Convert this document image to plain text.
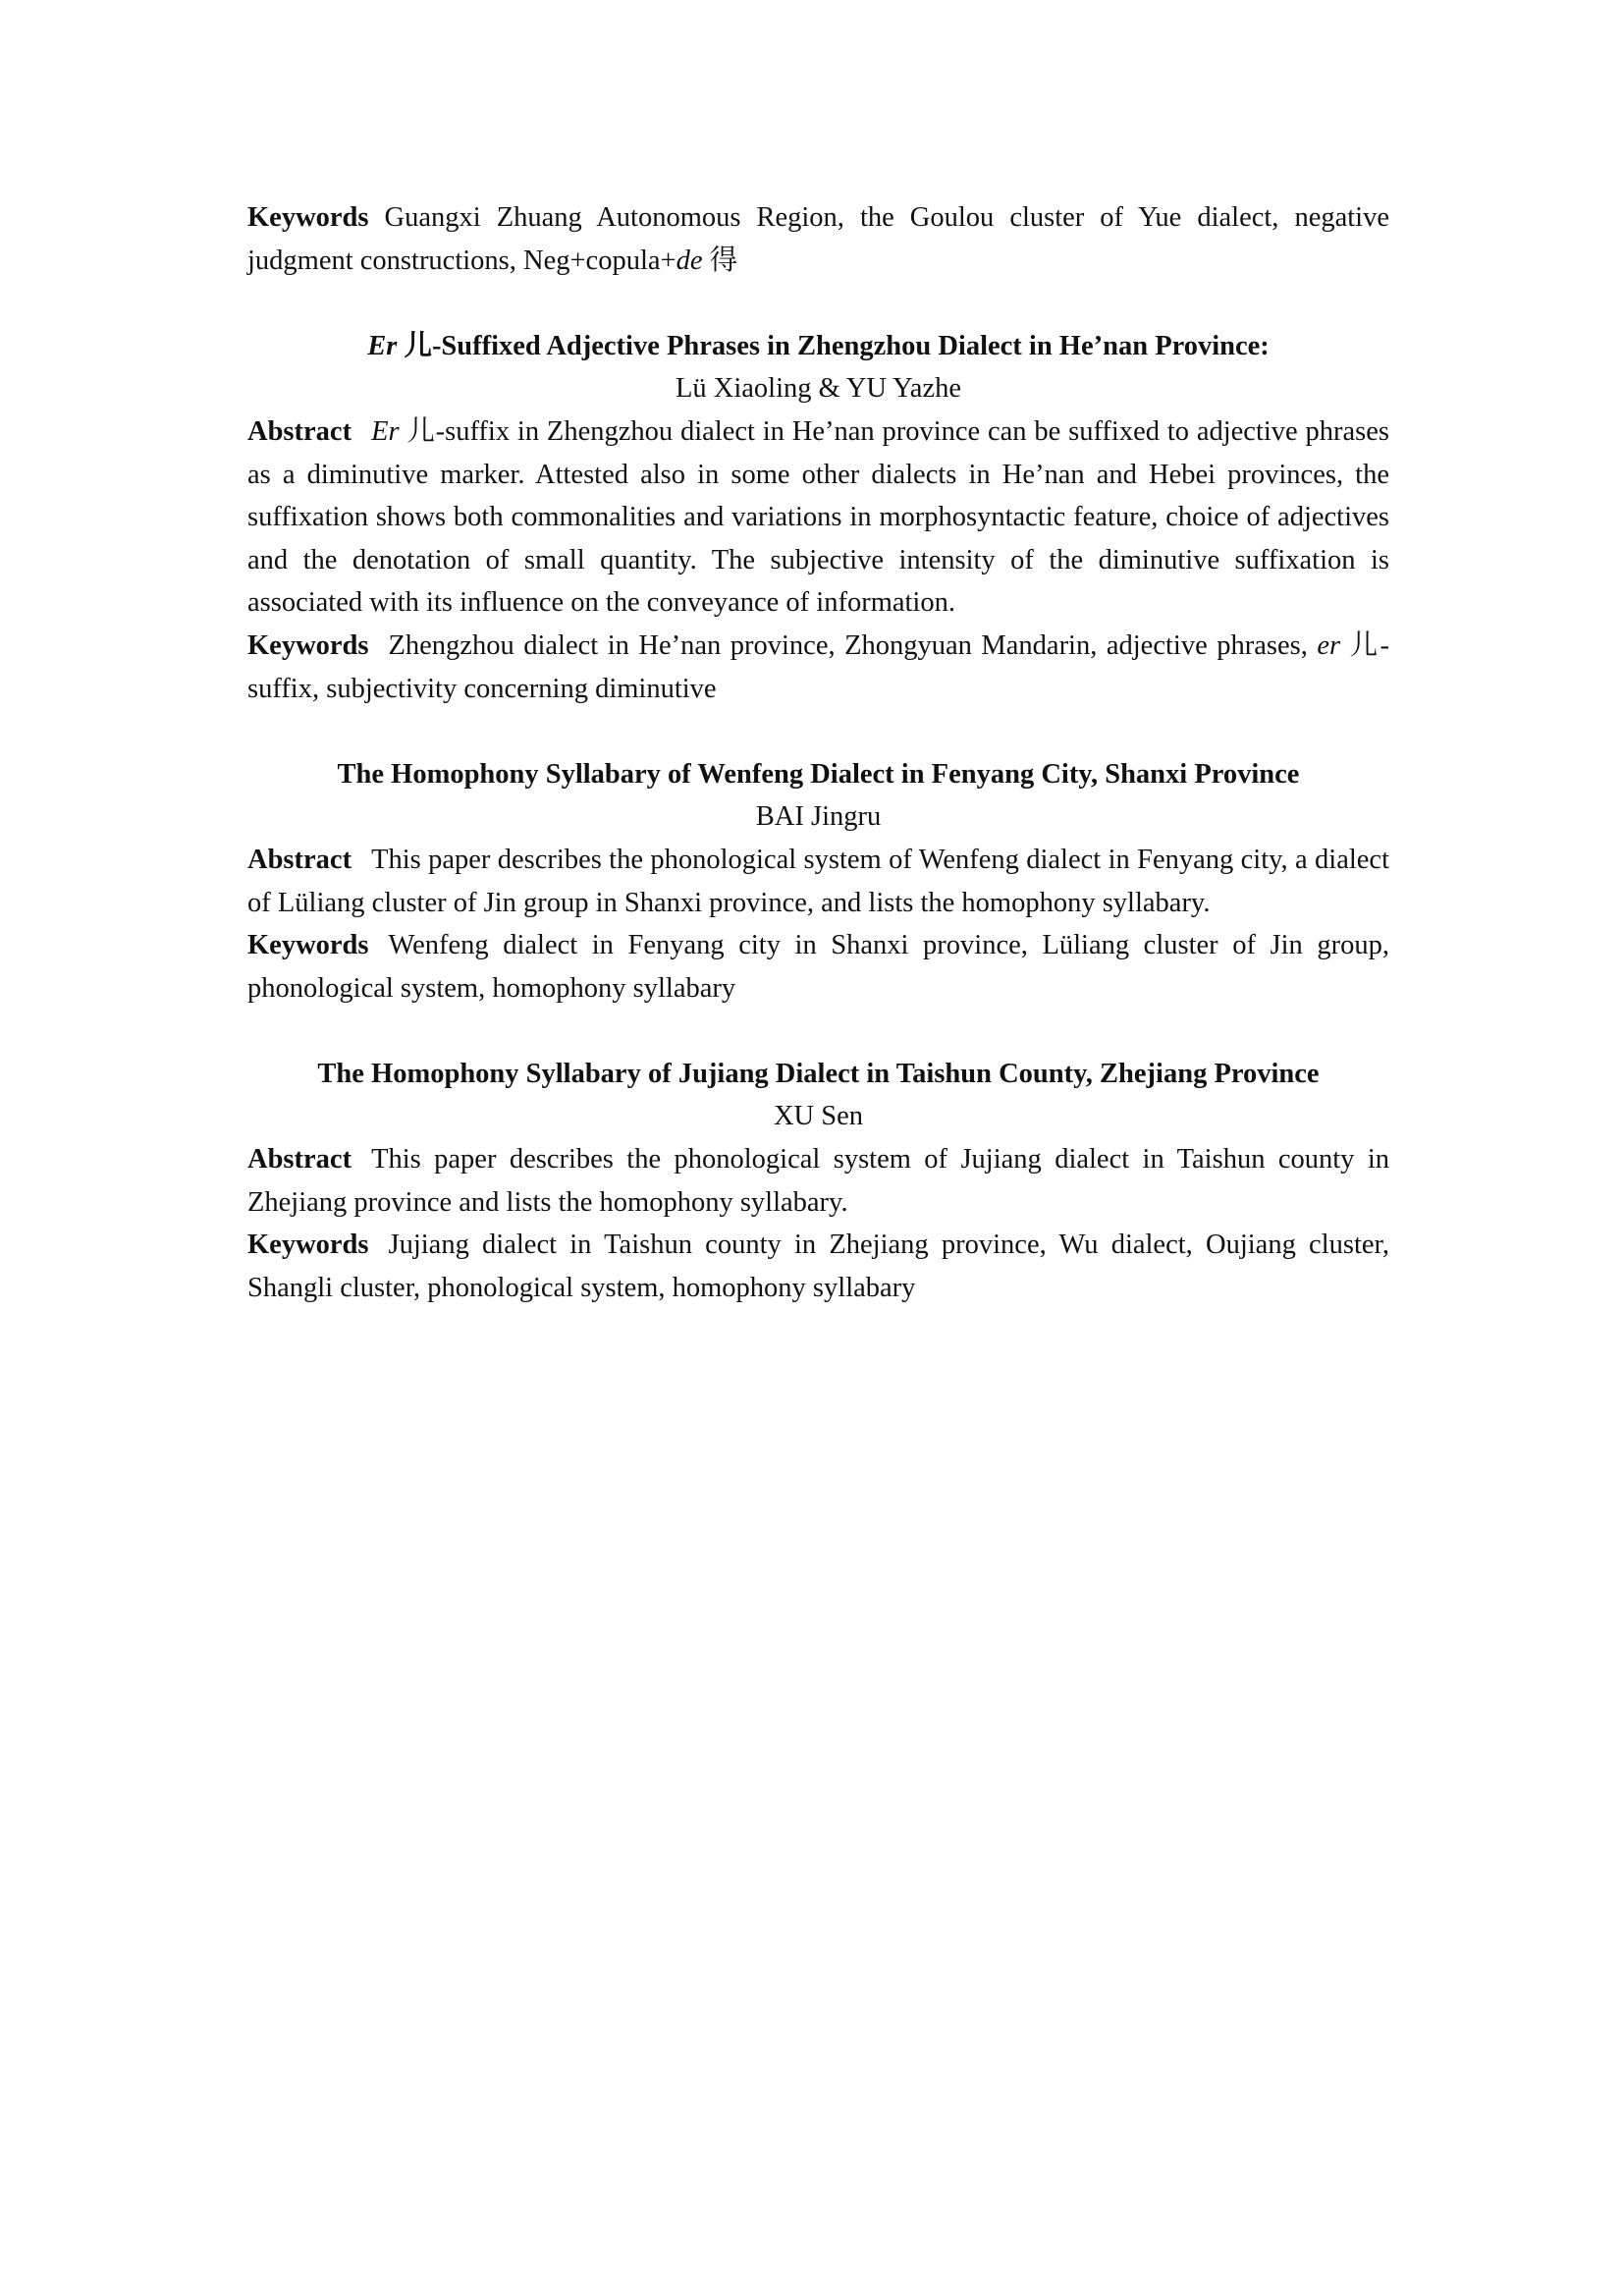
Keywords Guangxi Zhuang Autonomous Region, the Goulou cluster of Yue dialect, negative judgment constructions, Neg+copula+de 得

Er 儿-Suffixed Adjective Phrases in Zhengzhou Dialect in He’nan Province:

Lü Xiaoling & YU Yazhe

Abstract Er 儿-suffix in Zhengzhou dialect in He’nan province can be suffixed to adjective phrases as a diminutive marker. Attested also in some other dialects in He’nan and Hebei provinces, the suffixation shows both commonalities and variations in morphosyntactic feature, choice of adjectives and the denotation of small quantity. The subjective intensity of the diminutive suffixation is associated with its influence on the conveyance of information.

Keywords Zhengzhou dialect in He’nan province, Zhongyuan Mandarin, adjective phrases, er 儿-suffix, subjectivity concerning diminutive

The Homophony Syllabary of Wenfeng Dialect in Fenyang City, Shanxi Province

BAI Jingru

Abstract This paper describes the phonological system of Wenfeng dialect in Fenyang city, a dialect of Lüliang cluster of Jin group in Shanxi province, and lists the homophony syllabary.

Keywords Wenfeng dialect in Fenyang city in Shanxi province, Lüliang cluster of Jin group, phonological system, homophony syllabary

The Homophony Syllabary of Jujiang Dialect in Taishun County, Zhejiang Province

XU Sen

Abstract This paper describes the phonological system of Jujiang dialect in Taishun county in Zhejiang province and lists the homophony syllabary.

Keywords Jujiang dialect in Taishun county in Zhejiang province, Wu dialect, Oujiang cluster, Shangli cluster, phonological system, homophony syllabary
